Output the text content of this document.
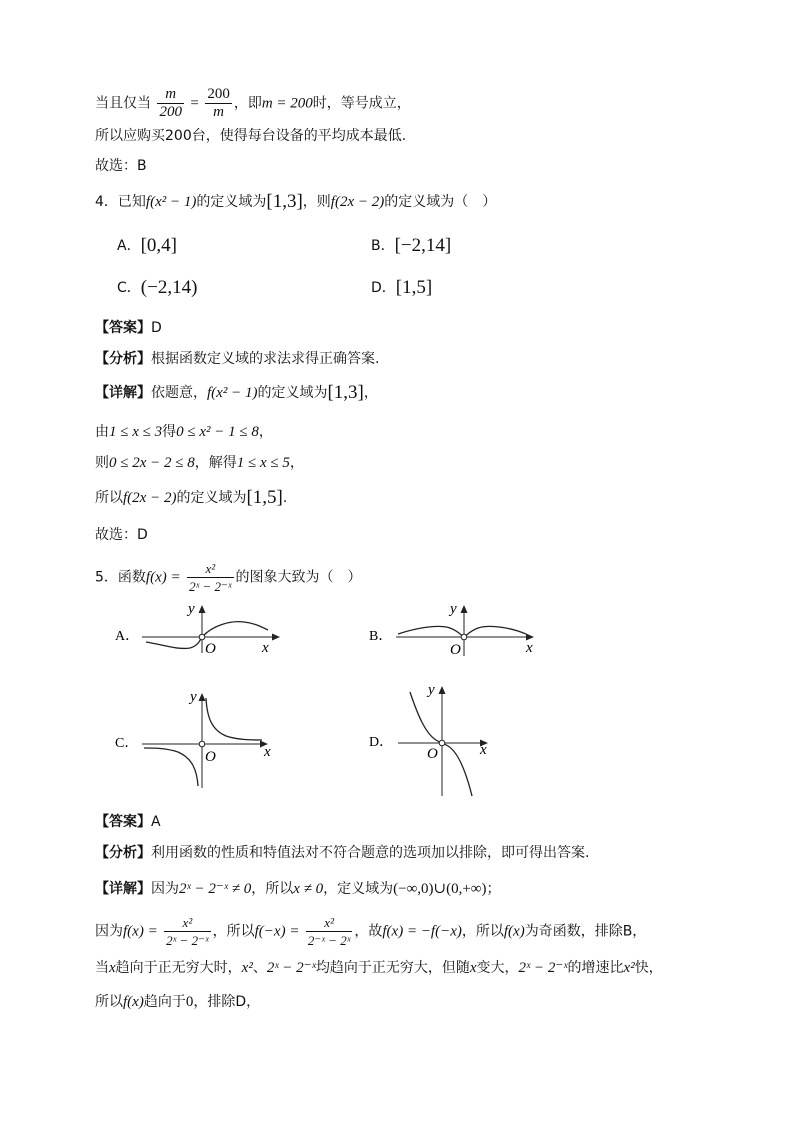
当且仅当 $\frac{m}{200} = \frac{200}{m}$ ，即m = 200时，等号成立，
所以应购买200台，使得每台设备的平均成本最低.
故选：B
4．已知f(x² − 1)的定义域为[1,3]，则f(2x − 2)的定义域为（　）
A．[0,4]	B．[−2,14]
C．(−2,14)	D．[1,5]
【答案】D
【分析】根据函数定义域的求法求得正确答案.
【详解】依题意，f(x² − 1)的定义域为[1,3]，
由1 ≤ x ≤ 3得0 ≤ x² − 1 ≤ 8，
则0 ≤ 2x − 2 ≤ 8，解得1 ≤ x ≤ 5，
所以f(2x − 2)的定义域为[1,5].
故选：D
5．函数$f(x) = \frac{\text{x²}}{\text{2ˣ − 2⁻ˣ}}$ 的图象大致为（　）
A．
x
y
O
B．
x
y
O
C．
x
y
O
D．	x
y
O
【答案】A
【分析】利用函数的性质和特值法对不符合题意的选项加以排除，即可得出答案.
【详解】因为2ˣ − 2⁻ˣ ≠ 0，所以x ≠ 0，定义域为(−∞,0)∪(0,+∞)；
因为$f(x) = \frac{\text{x²}}{\text{2ˣ − 2⁻ˣ}}$ ，所以$f(-x) = \frac{\text{x²}}{\text{2⁻ˣ − 2ˣ}}$ ，故f(x) = −f(−x)，所以f(x)为奇函数，排除B，
当x趋向于正无穷大时，x²、2ˣ − 2⁻ˣ均趋向于正无穷大，但随x变大，2ˣ − 2⁻ˣ的增速比x²快，
所以f(x)趋向于0，排除D，
